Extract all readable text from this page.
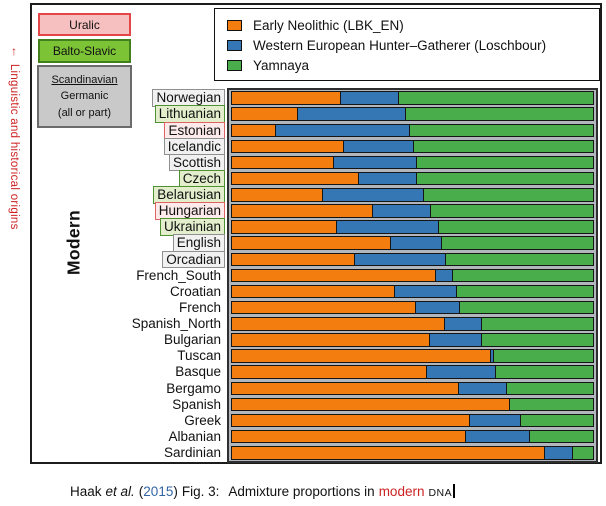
↑ Linguistic and historical origins
Uralic
Balto-Slavic
Scandinavian
Germanic
(all or part)
Early Neolithic (LBK_EN)
Western European Hunter–Gatherer (Loschbour)
Yamnaya
Modern
Norwegian
Lithuanian
Estonian
Icelandic
Scottish
Czech
Belarusian
Hungarian
Ukrainian
English
Orcadian
French_South
Croatian
French
Spanish_North
Bulgarian
Tuscan
Basque
Bergamo
Spanish
Greek
Albanian
Sardinian
Haak et al. (2015) Fig. 3: Admixture proportions in modern DNA
